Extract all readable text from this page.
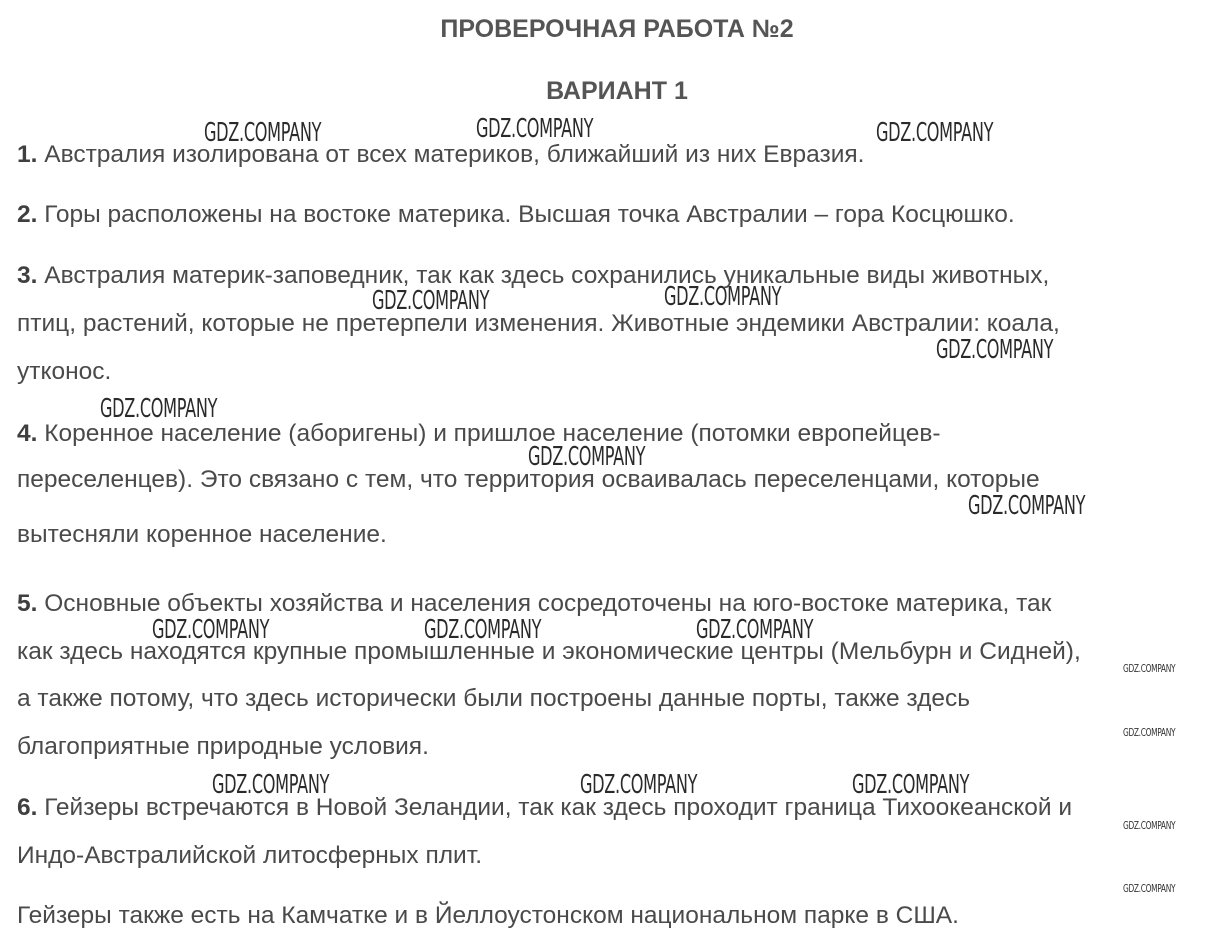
ПРОВЕРОЧНАЯ РАБОТА №2
ВАРИАНТ 1

1. Австралия изолирована от всех материков, ближайший из них Евразия.

2. Горы расположены на востоке материка. Высшая точка Австралии – гора Косцюшко.

3. Австралия материк-заповедник, так как здесь сохранились уникальные виды животных,

птиц, растений, которые не претерпели изменения. Животные эндемики Австралии: коала,

утконос.

4. Коренное население (аборигены) и пришлое население (потомки европейцев-

переселенцев). Это связано с тем, что территория осваивалась переселенцами, которые

вытесняли коренное население.

5. Основные объекты хозяйства и населения сосредоточены на юго-востоке материка, так

как здесь находятся крупные промышленные и экономические центры (Мельбурн и Сидней),

а также потому, что здесь исторически были построены данные порты, также здесь

благоприятные природные условия.

6. Гейзеры встречаются в Новой Зеландии, так как здесь проходит граница Тихоокеанской и

Индо-Австралийской литосферных плит.

Гейзеры также есть на Камчатке и в Йеллоустонском национальном парке в США.

GDZ.COMPANY	GDZ.COMPANY	GDZ.COMPANY
GDZ.COMPANY	GDZ.COMPANY
GDZ.COMPANY
GDZ.COMPANY
GDZ.COMPANY
GDZ.COMPANY
GDZ.COMPANY	GDZ.COMPANY	GDZ.COMPANY
GDZ.COMPANY	GDZ.COMPANY	GDZ.COMPANY
GDZ.COMPANY
GDZ.COMPANY
GDZ.COMPANY
GDZ.COMPANY
